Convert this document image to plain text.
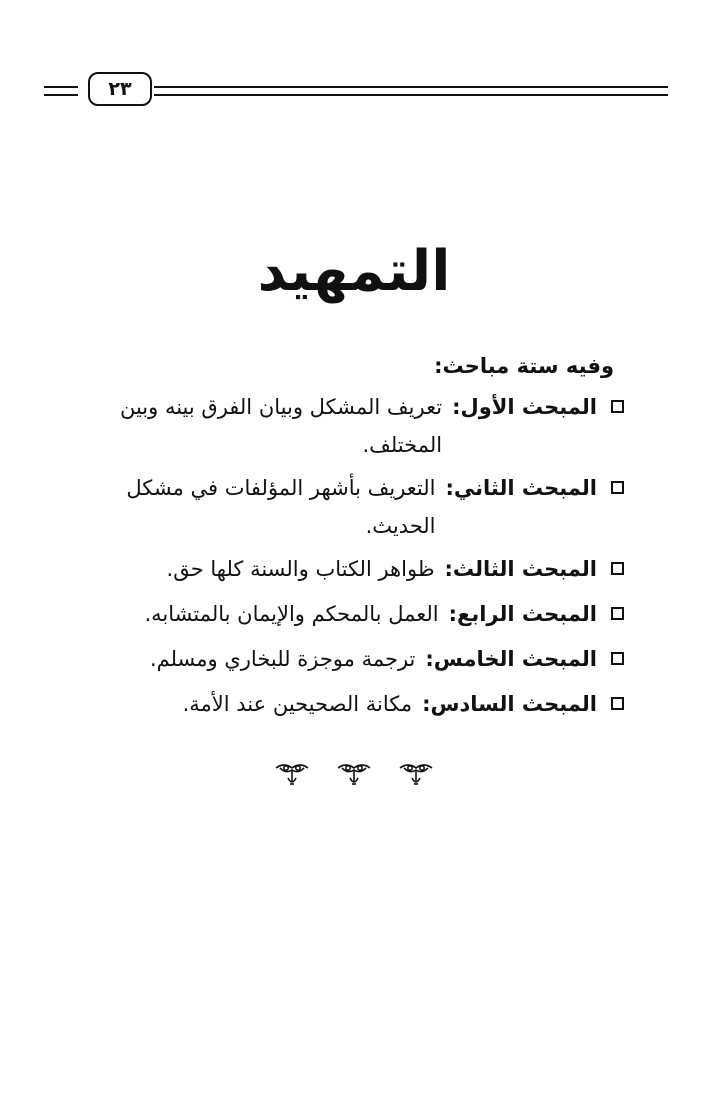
٢٣
التمهيد
وفيه ستة مباحث:
المبحث الأول:
تعريف المشكل وبيان الفرق بينه وبين المختلف.
المبحث الثاني:
التعريف بأشهر المؤلفات في مشكل الحديث.
المبحث الثالث:
ظواهر الكتاب والسنة كلها حق.
المبحث الرابع:
العمل بالمحكم والإيمان بالمتشابه.
المبحث الخامس:
ترجمة موجزة للبخاري ومسلم.
المبحث السادس:
مكانة الصحيحين عند الأمة.
